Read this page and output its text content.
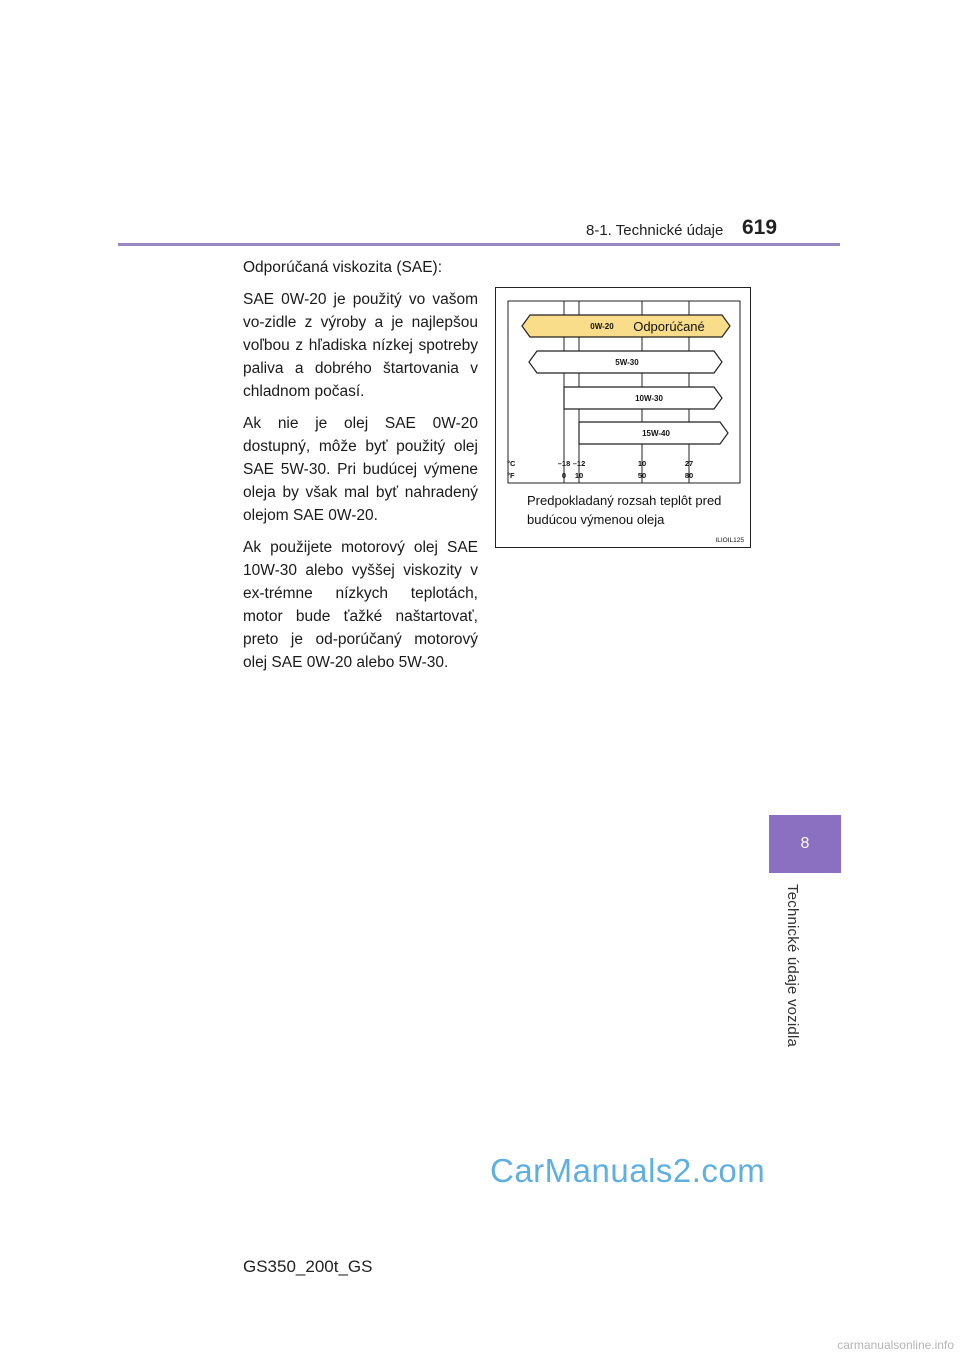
8-1. Technické údaje 619
8
Technické údaje vozidla

Odporúčaná viskozita (SAE):

SAE 0W-20 je použitý vo vašom vo-zidle z výroby a je najlepšou voľbou z hľadiska nízkej spotreby paliva a dobrého štartovania v chladnom počasí.

Ak nie je olej SAE 0W-20 dostupný, môže byť použitý olej SAE 5W-30. Pri budúcej výmene oleja by však mal byť nahradený olejom SAE 0W-20.

Ak použijete motorový olej SAE 10W-30 alebo vyššej viskozity v ex-trémne nízkych teplotách, motor bude ťažké naštartovať, preto je od-porúčaný motorový olej SAE 0W-20 alebo 5W-30.

0W-20 Odporúčané
5W-30
10W-30
15W-40
°C
°F
–18 –12	10	27
0 10	50	80
Predpokladaný rozsah teplôt pred
budúcou výmenou oleja
ILIOIL125
CarManuals2.com
carmanualsonline.info
GS350_200t_GS
